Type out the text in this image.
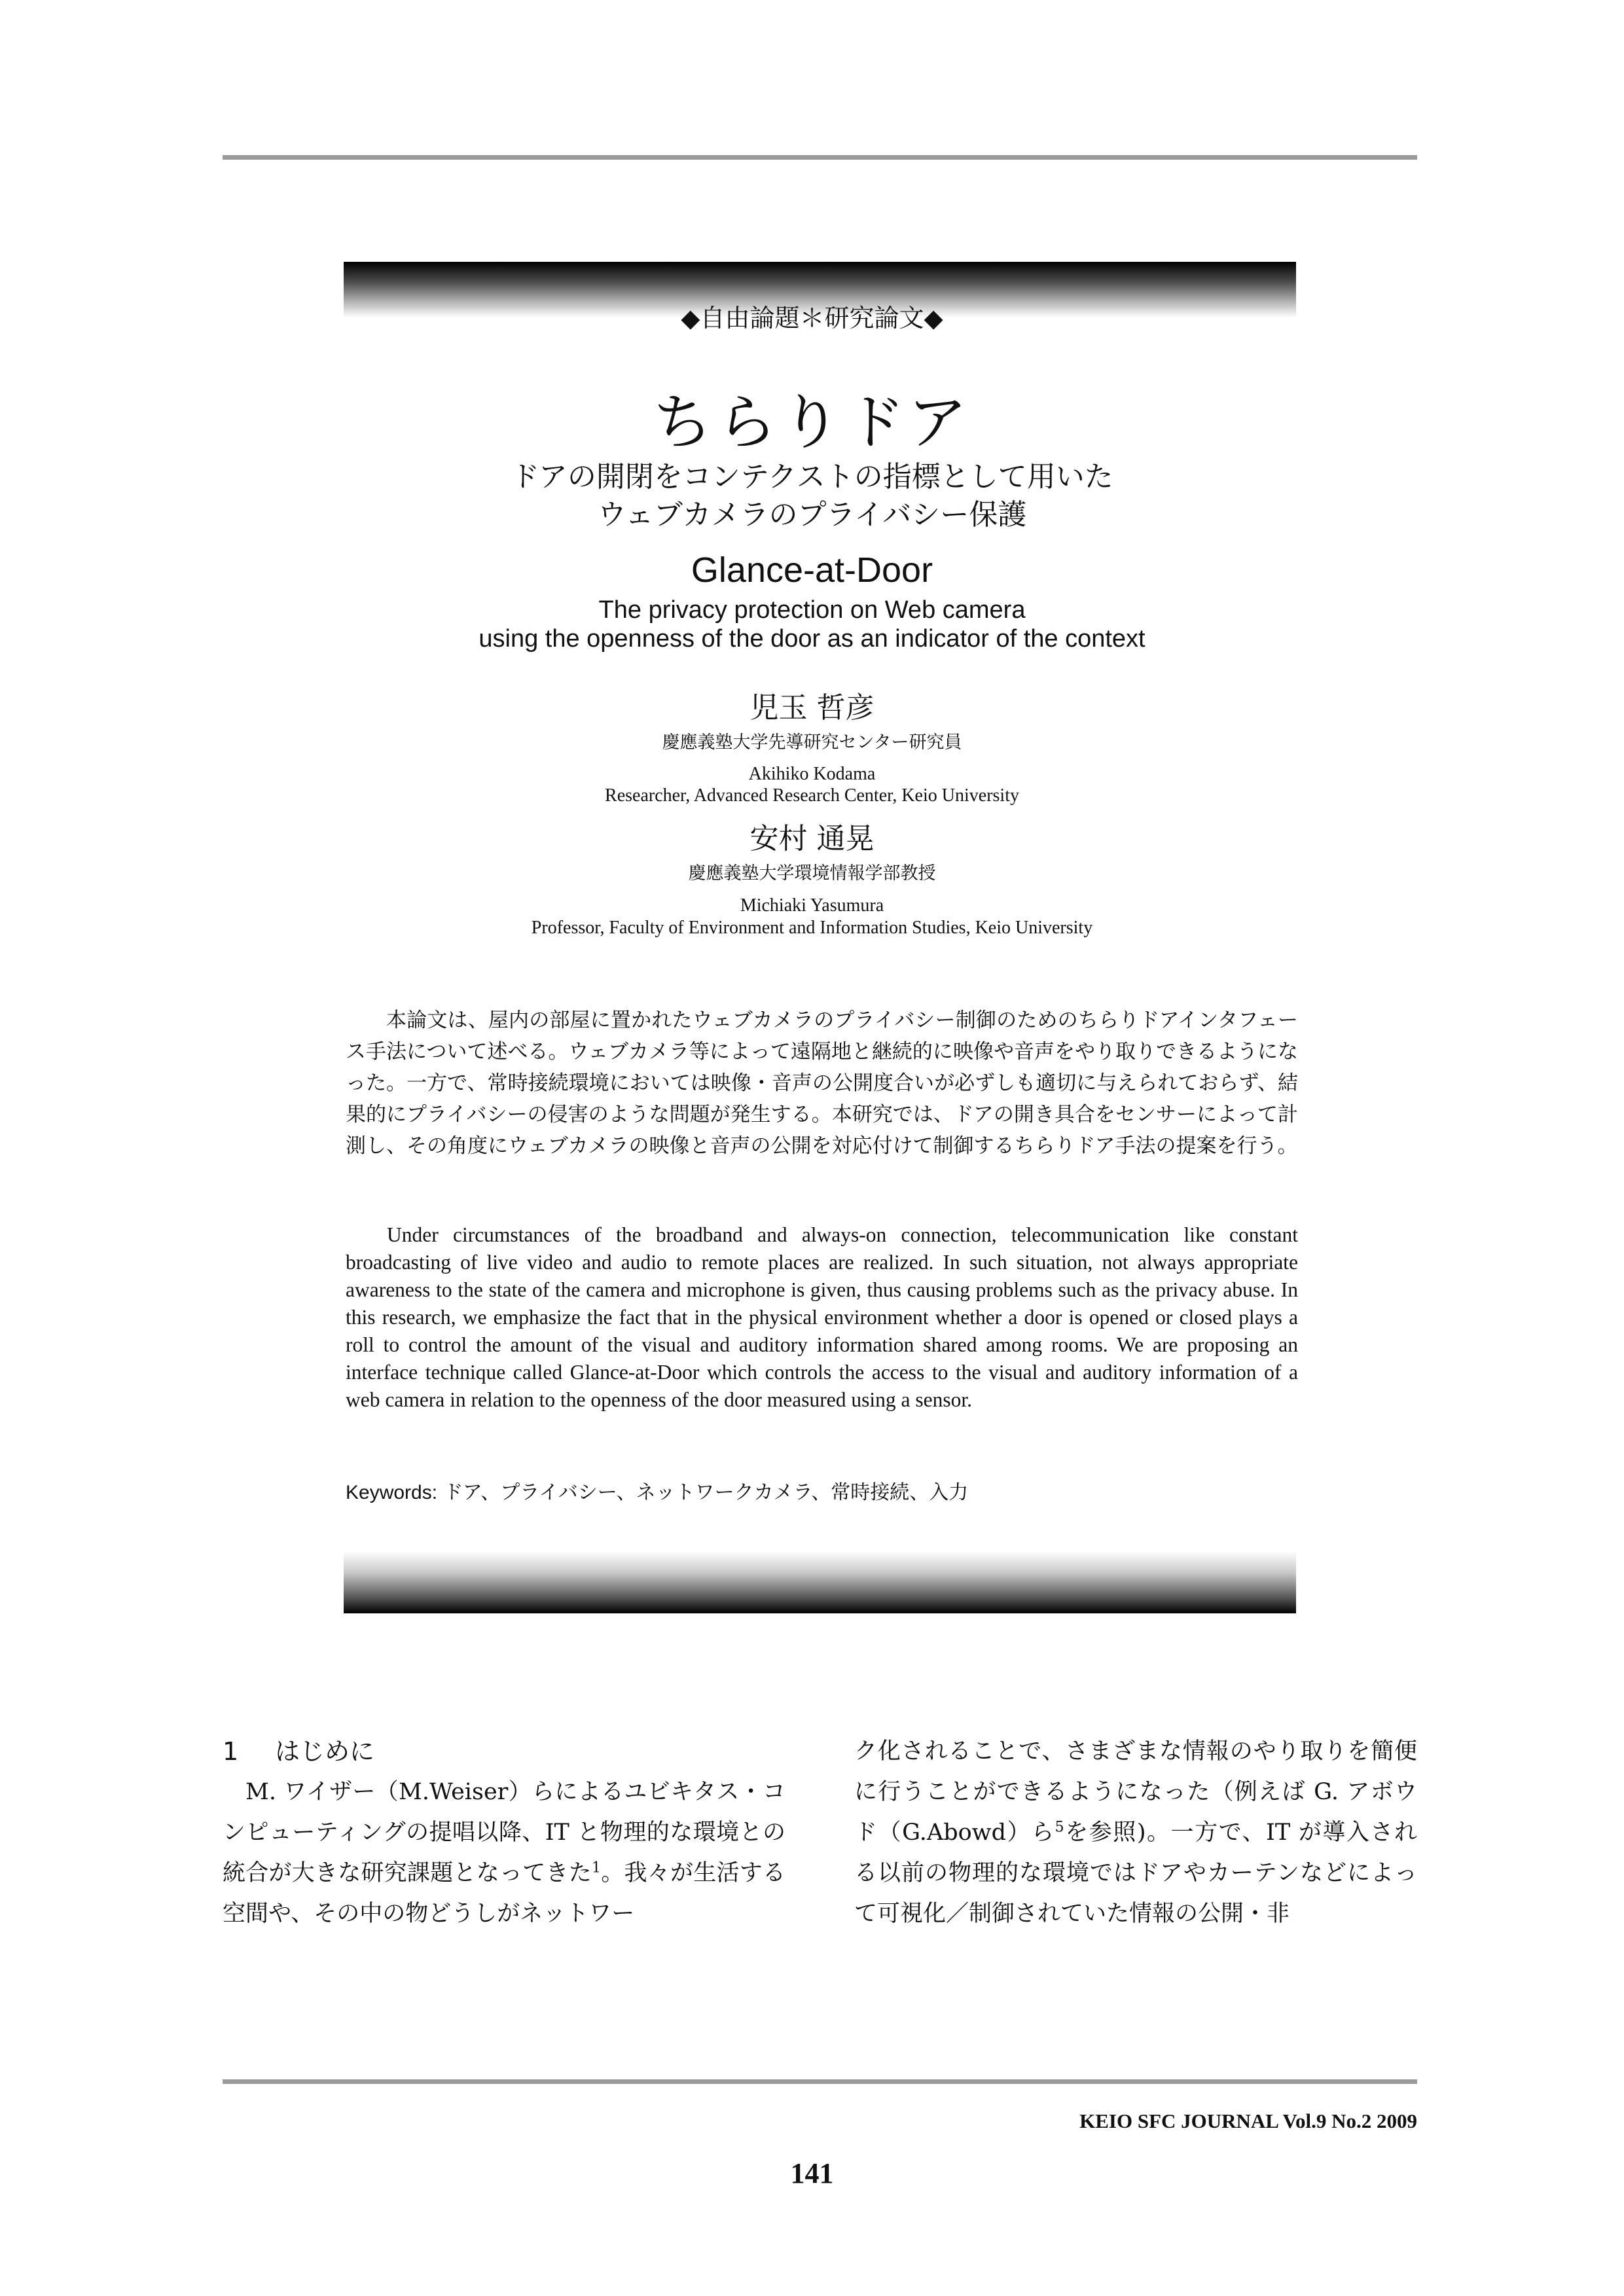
◆自由論題＊研究論文◆

ちらりドア
ドアの開閉をコンテクストの指標として用いた
ウェブカメラのプライバシー保護
Glance-at-Door
The privacy protection on Web camera
using the openness of the door as an indicator of the context

児玉 哲彦

慶應義塾大学先導研究センター研究員

Akihiko Kodama

Researcher, Advanced Research Center, Keio University

安村 通晃

慶應義塾大学環境情報学部教授

Michiaki Yasumura

Professor, Faculty of Environment and Information Studies, Keio University

本論文は、屋内の部屋に置かれたウェブカメラのプライバシー制御のためのちらりドアインタフェース手法について述べる。ウェブカメラ等によって遠隔地と継続的に映像や音声をやり取りできるようになった。一方で、常時接続環境においては映像・音声の公開度合いが必ずしも適切に与えられておらず、結果的にプライバシーの侵害のような問題が発生する。本研究では、ドアの開き具合をセンサーによって計測し、その角度にウェブカメラの映像と音声の公開を対応付けて制御するちらりドア手法の提案を行う。

Under circumstances of the broadband and always-on connection, telecommunication like constant broadcasting of live video and audio to remote places are realized. In such situation, not always appropriate awareness to the state of the camera and microphone is given, thus causing problems such as the privacy abuse. In this research, we emphasize the fact that in the physical environment whether a door is opened or closed plays a roll to control the amount of the visual and auditory information shared among rooms. We are proposing an interface technique called Glance-at-Door which controls the access to the visual and auditory information of a web camera in relation to the openness of the door measured using a sensor.

Keywords: ドア、プライバシー、ネットワークカメラ、常時接続、入力

1 はじめに

M. ワイザー（M.Weiser）らによるユビキタス・コンピューティングの提唱以降、IT と物理的な環境との統合が大きな研究課題となってきた$^1$。我々が生活する空間や、その中の物どうしがネットワー

ク化されることで、さまざまな情報のやり取りを簡便に行うことができるようになった（例えば G. アボウド（G.Abowd）ら$^5$を参照)。一方で、IT が導入される以前の物理的な環境ではドアやカーテンなどによって可視化／制御されていた情報の公開・非

KEIO SFC JOURNAL Vol.9 No.2 2009

141
